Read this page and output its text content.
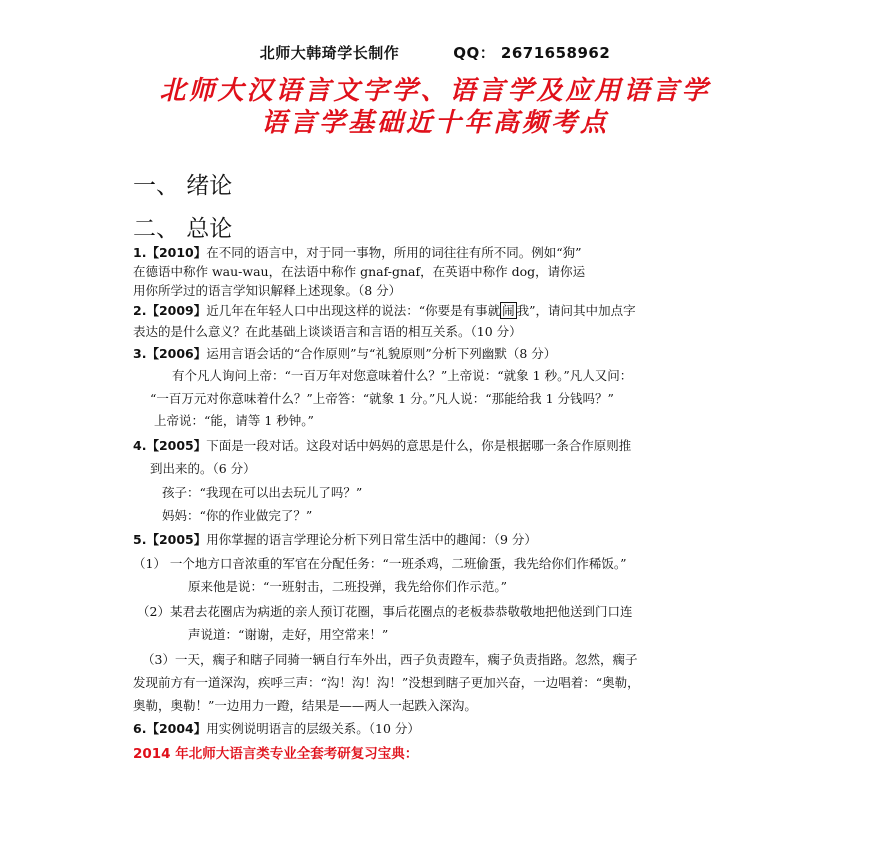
北师大韩琦学长制作	QQ： 2671658962
北师大汉语言文字学、语言学及应用语言学
语言学基础近十年高频考点
一、 绪论
二、 总论
1.【2010】在不同的语言中，对于同一事物，所用的词往往有所不同。例如“狗”
在德语中称作 wau-wau，在法语中称作 gnaf-gnaf，在英语中称作 dog，请你运
用你所学过的语言学知识解释上述现象。（8 分）
2.【2009】近几年在年轻人口中出现这样的说法：“你要是有事就 闹 我”，请问其中加点字
表达的是什么意义？在此基础上谈谈语言和言语的相互关系。（10 分）
3.【2006】运用言语会话的“合作原则”与“礼貌原则”分析下列幽默（8 分）
有个凡人询问上帝：“一百万年对您意味着什么？”上帝说：“就象 1 秒。”凡人又问：
“一百万元对你意味着什么？”上帝答：“就象 1 分。”凡人说：“那能给我 1 分钱吗？”
上帝说：“能，请等 1 秒钟。”
4.【2005】下面是一段对话。这段对话中妈妈的意思是什么，你是根据哪一条合作原则推
到出来的。（6 分）
孩子：“我现在可以出去玩儿了吗？”
妈妈：“你的作业做完了？”
5.【2005】用你掌握的语言学理论分析下列日常生活中的趣闻：（9 分）
（1） 一个地方口音浓重的军官在分配任务：“一班杀鸡，二班偷蛋，我先给你们作稀饭。”
原来他是说：“一班射击，二班投弹，我先给你们作示范。”
（2）某君去花圈店为病逝的亲人预订花圈，事后花圈点的老板恭恭敬敬地把他送到门口连
声说道：“谢谢，走好，用空常来！”
（3）一天，瘸子和瞎子同骑一辆自行车外出，西子负责蹬车，瘸子负责指路。忽然，瘸子
发现前方有一道深沟，疾呼三声：“沟！沟！沟！”没想到瞎子更加兴奋，一边唱着：“奥勒，
奥勒，奥勒！”一边用力一蹬，结果是——两人一起跌入深沟。
6.【2004】用实例说明语言的层级关系。（10 分）
2014 年北师大语言类专业全套考研复习宝典：
